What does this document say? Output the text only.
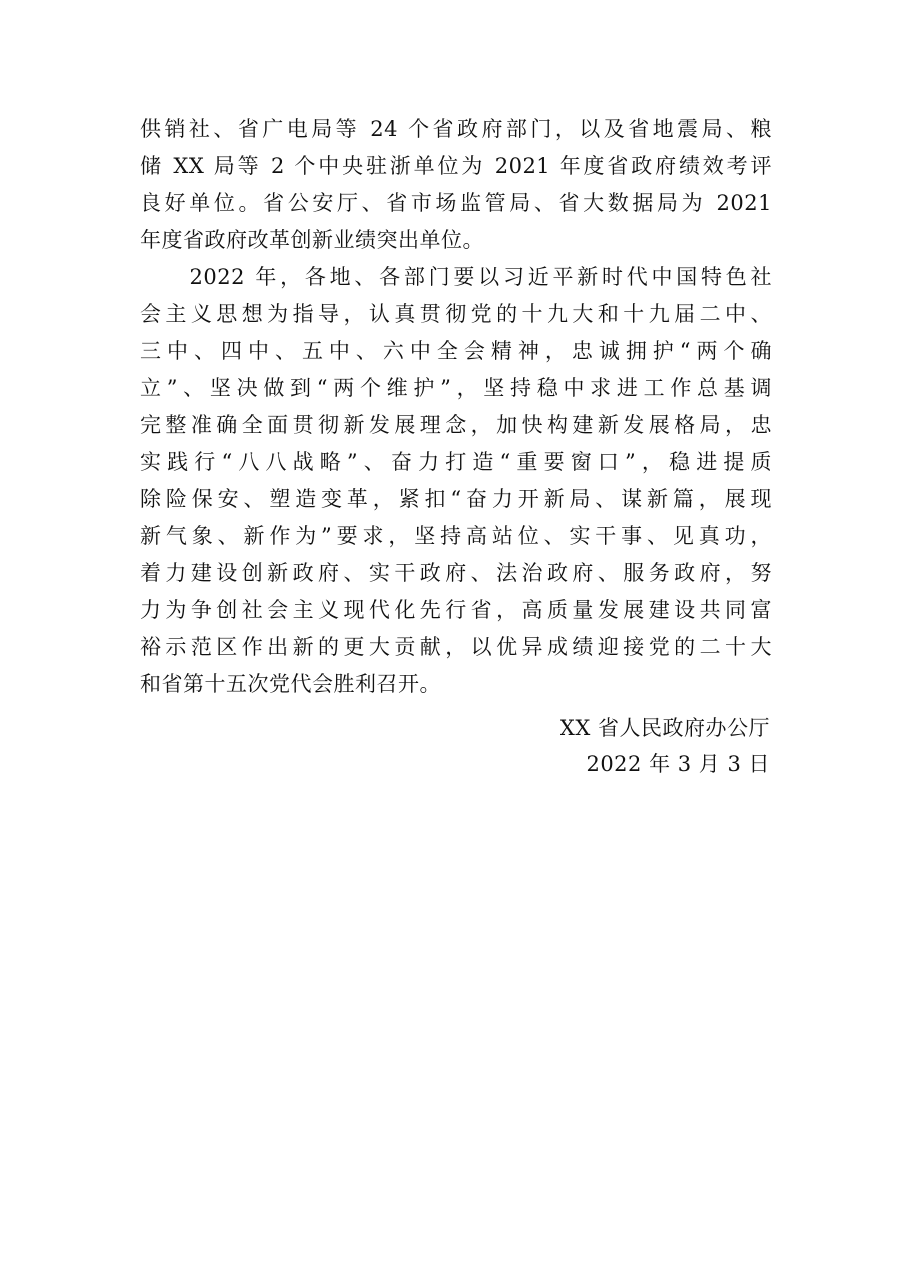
供销社、省广电局等 24 个省政府部门，以及省地震局、粮
储 XX 局等 2 个中央驻浙单位为 2021 年度省政府绩效考评
良好单位。省公安厅、省市场监管局、省大数据局为 2021
年度省政府改革创新业绩突出单位。
　　2022 年，各地、各部门要以习近平新时代中国特色社
会主义思想为指导，认真贯彻党的十九大和十九届二中、
三中、四中、五中、六中全会精神，忠诚拥护“两个确
立”、坚决做到“两个维护”，坚持稳中求进工作总基调
完整准确全面贯彻新发展理念，加快构建新发展格局，忠
实践行“八八战略”、奋力打造“重要窗口”，稳进提质
除险保安、塑造变革，紧扣“奋力开新局、谋新篇，展现
新气象、新作为”要求，坚持高站位、实干事、见真功，
着力建设创新政府、实干政府、法治政府、服务政府，努
力为争创社会主义现代化先行省，高质量发展建设共同富
裕示范区作出新的更大贡献，以优异成绩迎接党的二十大
和省第十五次党代会胜利召开。
XX 省人民政府办公厅
2022 年 3 月 3 日
